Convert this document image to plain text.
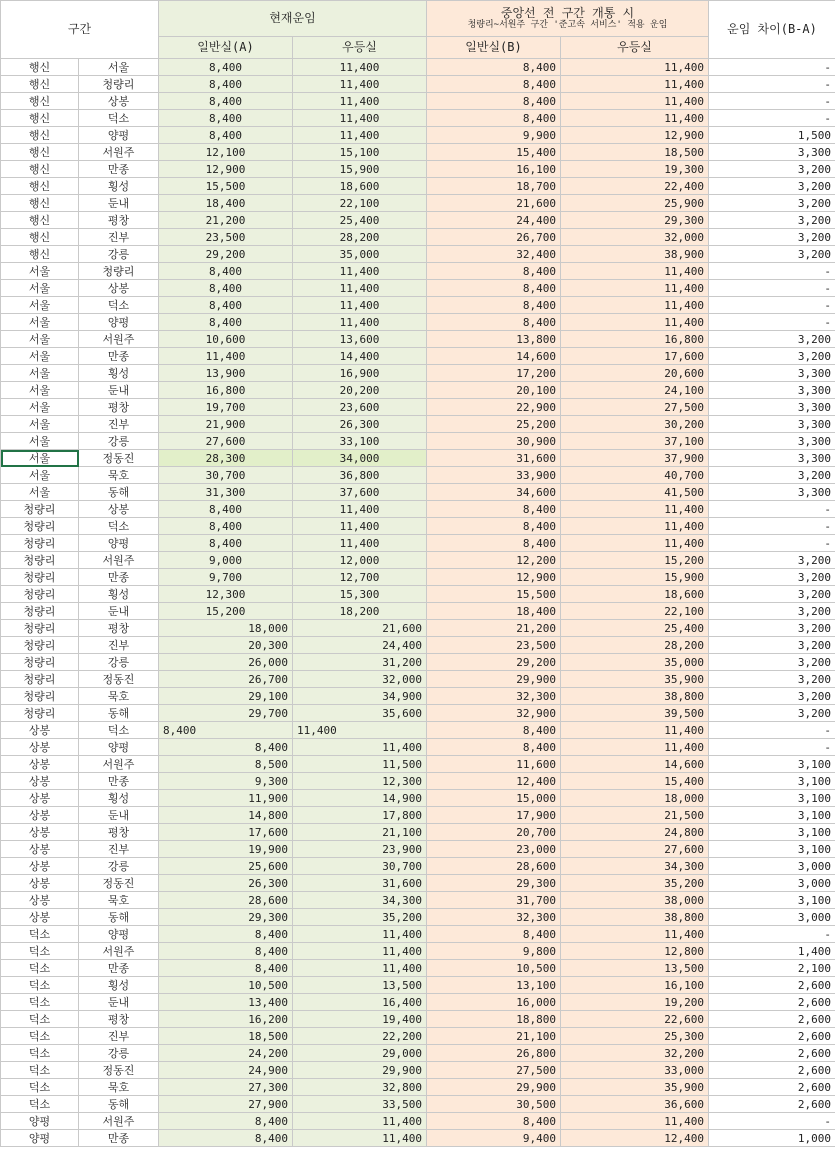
구간		현재운임		중앙선 전 구간 개통 시
청량리~서원주 구간 '준고속 서비스' 적용 운임		운임 차이(B-A)
		일반실(A)	우등실	일반실(B)	우등실	
행신	서울	8,400	11,400	8,400	11,400	-
행신	청량리	8,400	11,400	8,400	11,400	-
행신	상봉	8,400	11,400	8,400	11,400	-
행신	덕소	8,400	11,400	8,400	11,400	-
행신	양평	8,400	11,400	9,900	12,900	1,500
행신	서원주	12,100	15,100	15,400	18,500	3,300
행신	만종	12,900	15,900	16,100	19,300	3,200
행신	횡성	15,500	18,600	18,700	22,400	3,200
행신	둔내	18,400	22,100	21,600	25,900	3,200
행신	평창	21,200	25,400	24,400	29,300	3,200
행신	진부	23,500	28,200	26,700	32,000	3,200
행신	강릉	29,200	35,000	32,400	38,900	3,200
서울	청량리	8,400	11,400	8,400	11,400	-
서울	상봉	8,400	11,400	8,400	11,400	-
서울	덕소	8,400	11,400	8,400	11,400	-
서울	양평	8,400	11,400	8,400	11,400	-
서울	서원주	10,600	13,600	13,800	16,800	3,200
서울	만종	11,400	14,400	14,600	17,600	3,200
서울	횡성	13,900	16,900	17,200	20,600	3,300
서울	둔내	16,800	20,200	20,100	24,100	3,300
서울	평창	19,700	23,600	22,900	27,500	3,300
서울	진부	21,900	26,300	25,200	30,200	3,300
서울	강릉	27,600	33,100	30,900	37,100	3,300
서울	정동진	28,300	34,000	31,600	37,900	3,300
서울	묵호	30,700	36,800	33,900	40,700	3,200
서울	동해	31,300	37,600	34,600	41,500	3,300
청량리	상봉	8,400	11,400	8,400	11,400	-
청량리	덕소	8,400	11,400	8,400	11,400	-
청량리	양평	8,400	11,400	8,400	11,400	-
청량리	서원주	9,000	12,000	12,200	15,200	3,200
청량리	만종	9,700	12,700	12,900	15,900	3,200
청량리	횡성	12,300	15,300	15,500	18,600	3,200
청량리	둔내	15,200	18,200	18,400	22,100	3,200
청량리	평창	18,000	21,600	21,200	25,400	3,200
청량리	진부	20,300	24,400	23,500	28,200	3,200
청량리	강릉	26,000	31,200	29,200	35,000	3,200
청량리	정동진	26,700	32,000	29,900	35,900	3,200
청량리	묵호	29,100	34,900	32,300	38,800	3,200
청량리	동해	29,700	35,600	32,900	39,500	3,200
상봉	덕소	8,400	11,400	8,400	11,400	-
상봉	양평	8,400	11,400	8,400	11,400	-
상봉	서원주	8,500	11,500	11,600	14,600	3,100
상봉	만종	9,300	12,300	12,400	15,400	3,100
상봉	횡성	11,900	14,900	15,000	18,000	3,100
상봉	둔내	14,800	17,800	17,900	21,500	3,100
상봉	평창	17,600	21,100	20,700	24,800	3,100
상봉	진부	19,900	23,900	23,000	27,600	3,100
상봉	강릉	25,600	30,700	28,600	34,300	3,000
상봉	정동진	26,300	31,600	29,300	35,200	3,000
상봉	묵호	28,600	34,300	31,700	38,000	3,100
상봉	동해	29,300	35,200	32,300	38,800	3,000
덕소	양평	8,400	11,400	8,400	11,400	-
덕소	서원주	8,400	11,400	9,800	12,800	1,400
덕소	만종	8,400	11,400	10,500	13,500	2,100
덕소	횡성	10,500	13,500	13,100	16,100	2,600
덕소	둔내	13,400	16,400	16,000	19,200	2,600
덕소	평창	16,200	19,400	18,800	22,600	2,600
덕소	진부	18,500	22,200	21,100	25,300	2,600
덕소	강릉	24,200	29,000	26,800	32,200	2,600
덕소	정동진	24,900	29,900	27,500	33,000	2,600
덕소	묵호	27,300	32,800	29,900	35,900	2,600
덕소	동해	27,900	33,500	30,500	36,600	2,600
양평	서원주	8,400	11,400	8,400	11,400	-
양평	만종	8,400	11,400	9,400	12,400	1,000
